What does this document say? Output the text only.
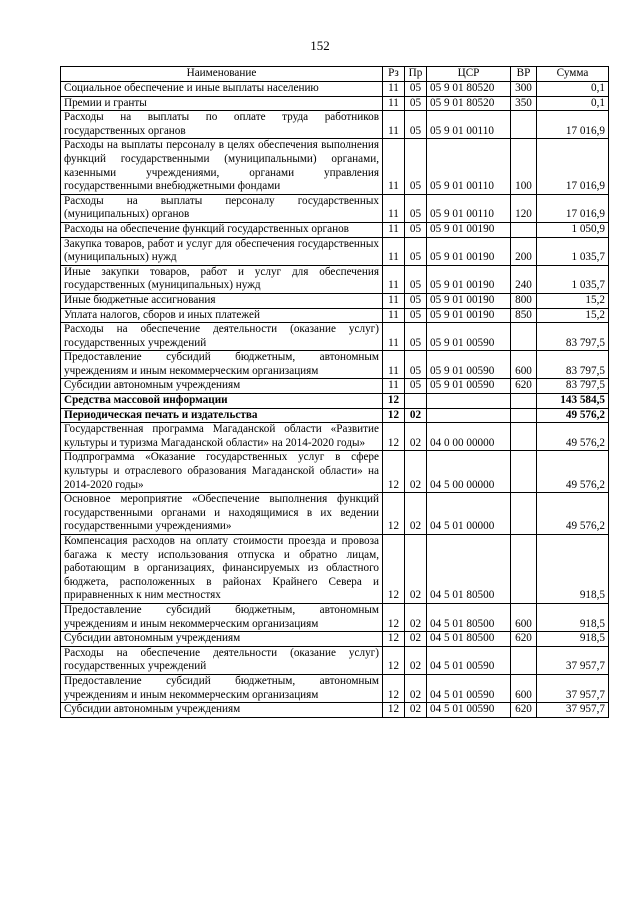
152
Наименование	Рз	Пр	ЦСР	ВР	Сумма
Социальное обеспечение и иные выплаты населению	11	05	05 9 01 80520	300	0,1
Премии и гранты	11	05	05 9 01 80520	350	0,1
Расходы на выплаты по оплате труда работников государственных органов	11	05	05 9 01 00110		17 016,9
Расходы на выплаты персоналу в целях обеспечения выполнения функций государственными (муниципальными) органами, казенными учреждениями, органами управления государственными внебюджетными фондами	11	05	05 9 01 00110	100	17 016,9
Расходы на выплаты персоналу государственных (муниципальных) органов	11	05	05 9 01 00110	120	17 016,9
Расходы на обеспечение функций государственных органов	11	05	05 9 01 00190		1 050,9
Закупка товаров, работ и услуг для обеспечения государственных (муниципальных) нужд	11	05	05 9 01 00190	200	1 035,7
Иные закупки товаров, работ и услуг для обеспечения государственных (муниципальных) нужд	11	05	05 9 01 00190	240	1 035,7
Иные бюджетные ассигнования	11	05	05 9 01 00190	800	15,2
Уплата налогов, сборов и иных платежей	11	05	05 9 01 00190	850	15,2
Расходы на обеспечение деятельности (оказание услуг) государственных учреждений	11	05	05 9 01 00590		83 797,5
Предоставление субсидий бюджетным, автономным учреждениям и иным некоммерческим организациям	11	05	05 9 01 00590	600	83 797,5
Субсидии автономным учреждениям	11	05	05 9 01 00590	620	83 797,5
Средства массовой информации	12				143 584,5
Периодическая печать и издательства	12	02			49 576,2
Государственная программа Магаданской области «Развитие культуры и туризма Магаданской области» на 2014-2020 годы»	12	02	04 0 00 00000		49 576,2
Подпрограмма «Оказание государственных услуг в сфере культуры и отраслевого образования Магаданской области» на 2014-2020 годы»	12	02	04 5 00 00000		49 576,2
Основное мероприятие «Обеспечение выполнения функций государственными органами и находящимися в их ведении государственными учреждениями»	12	02	04 5 01 00000		49 576,2
Компенсация расходов на оплату стоимости проезда и провоза багажа к месту использования отпуска и обратно лицам, работающим в организациях, финансируемых из областного бюджета, расположенных в районах Крайнего Севера и приравненных к ним местностях	12	02	04 5 01 80500		918,5
Предоставление субсидий бюджетным, автономным учреждениям и иным некоммерческим организациям	12	02	04 5 01 80500	600	918,5
Субсидии автономным учреждениям	12	02	04 5 01 80500	620	918,5
Расходы на обеспечение деятельности (оказание услуг) государственных учреждений	12	02	04 5 01 00590		37 957,7
Предоставление субсидий бюджетным, автономным учреждениям и иным некоммерческим организациям	12	02	04 5 01 00590	600	37 957,7
Субсидии автономным учреждениям	12	02	04 5 01 00590	620	37 957,7
